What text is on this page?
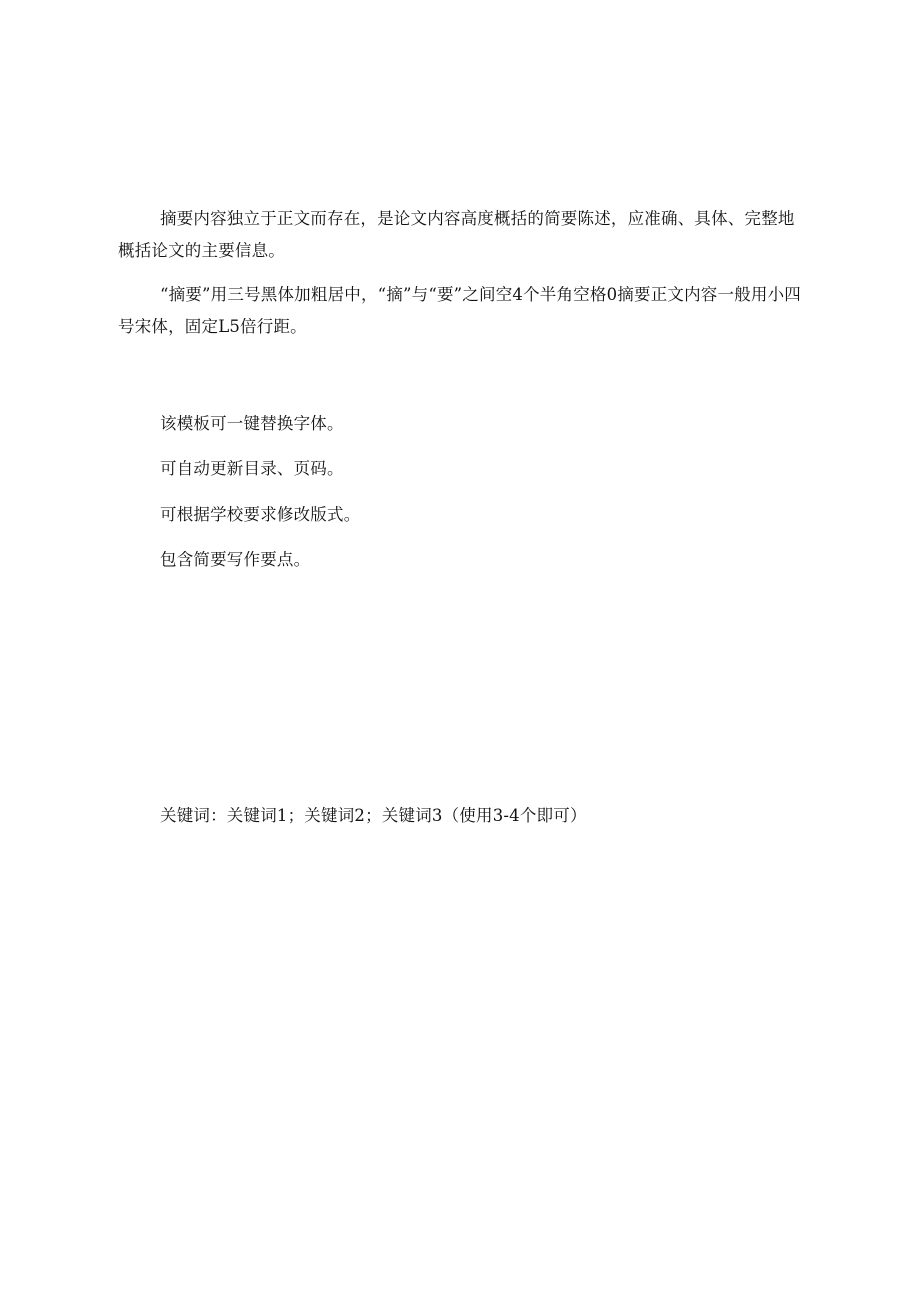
摘要内容独立于正文而存在，是论文内容高度概括的简要陈述，应准确、具体、完整地概括论文的主要信息。

“摘要”用三号黑体加粗居中，“摘”与“要”之间空4个半角空格0摘要正文内容一般用小四号宋体，固定L5倍行距。

该模板可一键替换字体。

可自动更新目录、页码。

可根据学校要求修改版式。

包含简要写作要点。

关键词：关键词1；关键词2；关键词3（使用3-4个即可）
